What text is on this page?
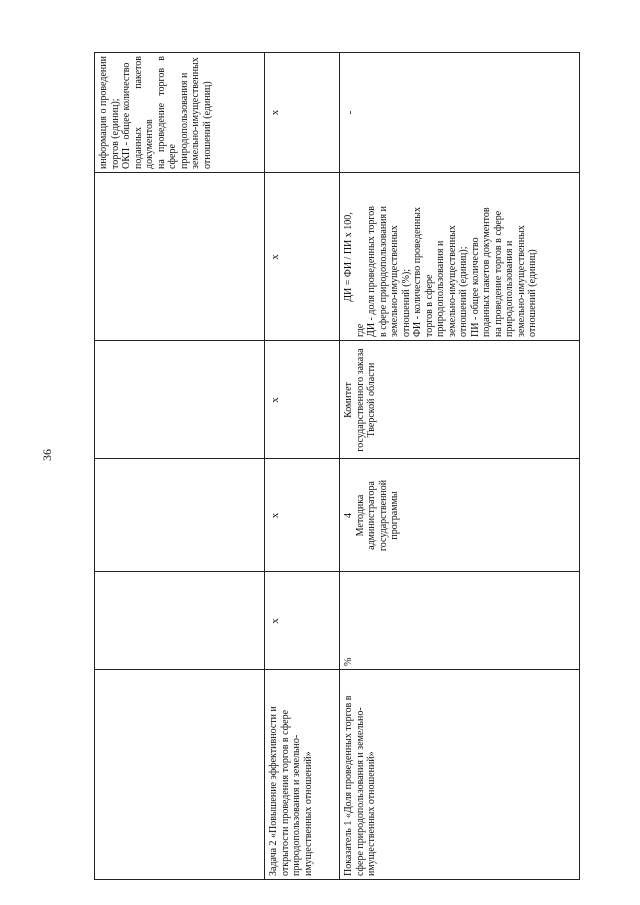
36
информация о проведении торгов (единиц); ОКП - общее количество поданных пакетов документов на проведение торгов в сфере природопользования и земельно-имущественных отношений (единиц)
Задача 2 «Повышение эффективности и открытости проведения торгов в сфере природопользования и земельно-имущественных отношений»
х
х
х
х
х
Показатель 1 «Доля проведенных торгов в сфере природопользования и земельно-имущественных отношений»
%
4 Методика администратора государственной программы
Комитет государственного заказа Тверской области
ДИ = ФИ / ПИ х 100,
где ДИ - доля проведенных торгов в сфере природопользования и земельно-имущественных отношений (%); ФИ - количество проведенных торгов в сфере природопользования и земельно-имущественных отношений (единиц); ПИ - общее количество поданных пакетов документов на проведение торгов в сфере природопользования и земельно-имущественных отношений (единиц)
-
